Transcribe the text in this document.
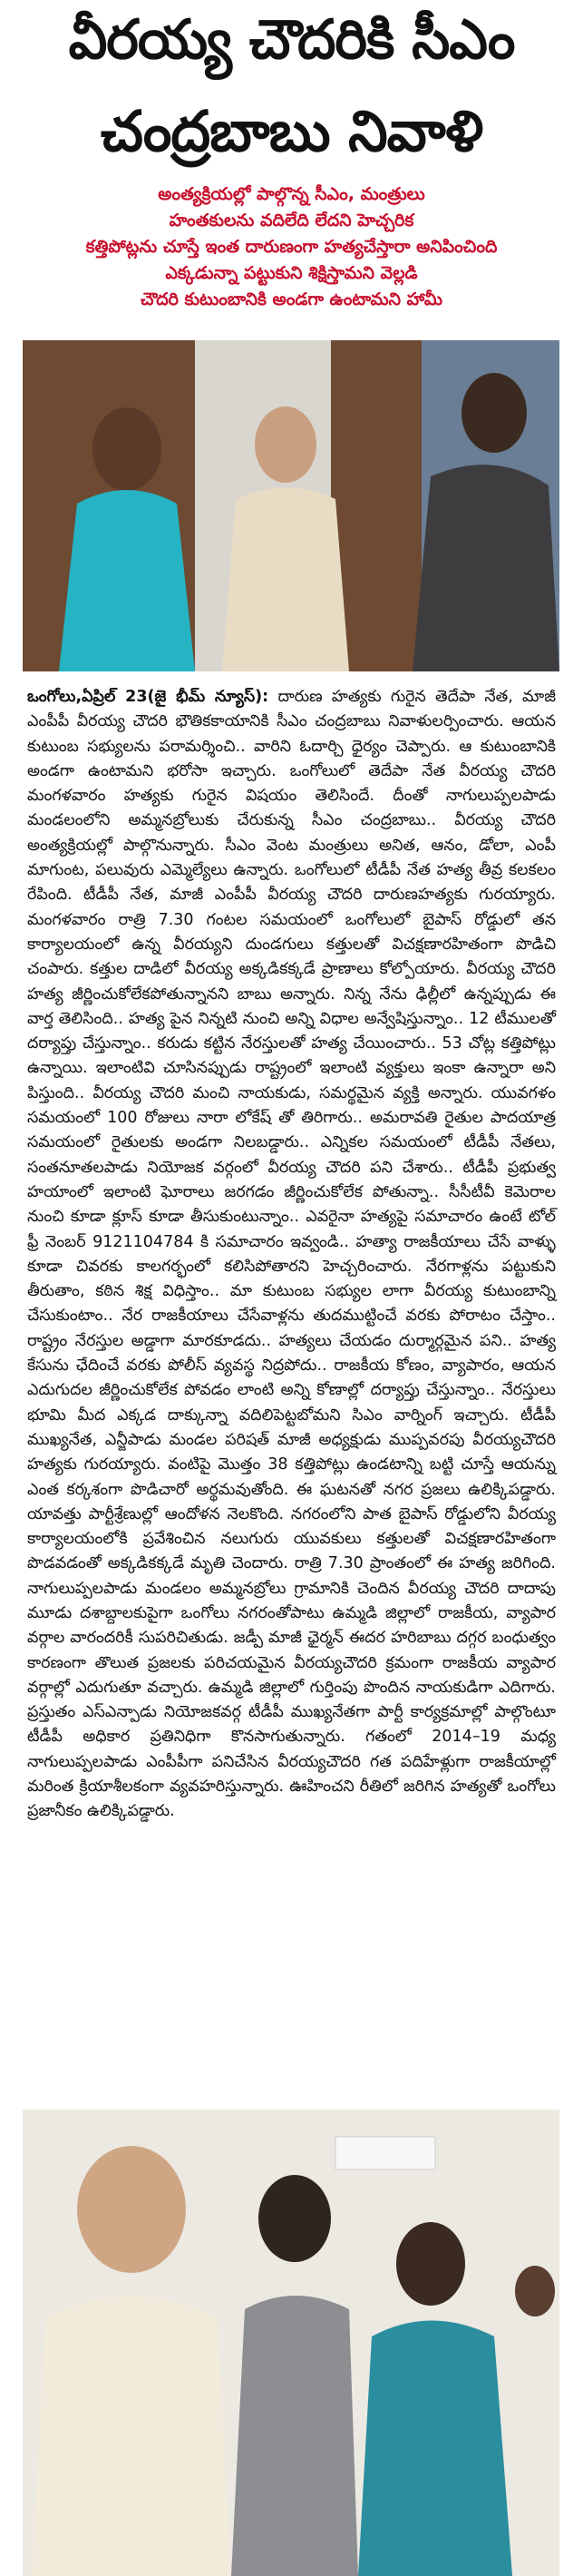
వీరయ్య చౌదరికి సీఎం
చంద్రబాబు నివాళి
అంత్యక్రియల్లో పాల్గొన్న సీఎం, మంత్రులు
హంతకులను వదిలేది లేదని హెచ్చరిక
కత్తిపోట్లను చూస్తే ఇంత దారుణంగా హత్యచేస్తారా అనిపించింది
ఎక్కడున్నా పట్టుకుని శిక్షిస్తామని వెల్లడి
చౌదరి కుటుంబానికి అండగా ఉంటామని హామీ
ఒంగోలు,ఏప్రిల్ 23(జై భీమ్ న్యూస్): దారుణ హత్యకు గురైన తెదేపా నేత, మాజీ ఎంపీపీ వీరయ్య చౌదరి భౌతికకాయానికి సీఎం చంద్రబాబు నివాళులర్పించారు. ఆయన కుటుంబ సభ్యులను పరామర్శించి.. వారిని ఓదార్చి ధైర్యం చెప్పారు. ఆ కుటుంబానికి అండగా ఉంటామని భరోసా ఇచ్చారు. ఒంగోలులో తెదేపా నేత వీరయ్య చౌదరి మంగళవారం హత్యకు గురైన విషయం తెలిసిందే. దీంతో నాగులుప్పలపాడు మండలంలోని అమ్మనబ్రోలుకు చేరుకున్న సీఎం చంద్రబాబు.. వీరయ్య చౌదరి అంత్యక్రియల్లో పాల్గొనున్నారు. సీఎం వెంట మంత్రులు అనిత, ఆనం, డోలా, ఎంపీ మాగుంట, పలువురు ఎమ్మెల్యేలు ఉన్నారు. ఒంగోలులో టీడీపీ నేత హత్య తీవ్ర కలకలం రేపింది. టీడీపీ నేత, మాజీ ఎంపీపీ వీరయ్య చౌదరి దారుణహత్యకు గురయ్యారు. మంగళవారం రాత్రి 7.30 గంటల సమయంలో ఒంగోలులో బైపాస్ రోడ్డులో తన కార్యాలయంలో ఉన్న వీరయ్యని దుండగులు కత్తులతో విచక్షణారహితంగా పొడిచి చంపారు. కత్తుల దాడిలో వీరయ్య అక్కడికక్కడే ప్రాణాలు కోల్పోయారు. వీరయ్య చౌదరి హత్య జీర్ణించుకోలేకపోతున్నానని బాబు అన్నారు. నిన్న నేను ఢిల్లీలో ఉన్నప్పుడు ఈ వార్త తెలిసింది.. హత్య పైన నిన్నటి నుంచి అన్ని విధాల అన్వేషిస్తున్నాం.. 12 టీములతో దర్యాప్తు చేస్తున్నాం.. కరుడు కట్టిన నేరస్తులతో హత్య చేయించారు.. 53 చోట్ల కత్తిపోట్లు ఉన్నాయి. ఇలాంటివి చూసినప్పుడు రాష్ట్రంలో ఇలాంటి వ్యక్తులు ఇంకా ఉన్నారా అని పిస్తుంది.. వీరయ్య చౌదరి మంచి నాయకుడు, సమర్థమైన వ్యక్తి అన్నారు. యువగళం సమయంలో 100 రోజులు నారా లోకేష్ తో తిరిగారు.. అమరావతి రైతుల పాదయాత్ర సమయంలో రైతులకు అండగా నిలబడ్డారు.. ఎన్నికల సమయంలో టీడీపీ నేతలు, సంతనూతలపాడు నియోజక వర్గంలో వీరయ్య చౌదరి పని చేశారు.. టీడీపీ ప్రభుత్వ హయాంలో ఇలాంటి ఘోరాలు జరగడం జీర్ణించుకోలేక పోతున్నా.. సీసీటీవీ కెమెరాల నుంచి కూడా క్లూస్ కూడా తీసుకుంటున్నాం.. ఎవరైనా హత్యపై సమాచారం ఉంటే టోల్ ఫ్రీ నెంబర్ 9121104784 కి సమాచారం ఇవ్వండి.. హత్యా రాజకీయాలు చేసే వాళ్ళు కూడా చివరకు కాలగర్భంలో కలిసిపోతారని హెచ్చరించారు. నేరగాళ్లను పట్టుకుని తీరుతాం, కఠిన శిక్ష విధిస్తాం.. మా కుటుంబ సభ్యుల లాగా వీరయ్య కుటుంబాన్ని చేసుకుంటాం.. నేర రాజకీయాలు చేసేవాళ్లను తుదముట్టించే వరకు పోరాటం చేస్తాం.. రాష్ట్రం నేరస్తుల అడ్డాగా మారకూడదు.. హత్యలు చేయడం దుర్మార్గమైన పని.. హత్య కేసును ఛేదించే వరకు పోలీస్ వ్యవస్థ నిద్రపోదు.. రాజకీయ కోణం, వ్యాపారం, ఆయన ఎదుగుదల జీర్ణించుకోలేక పోవడం లాంటి అన్ని కోణాల్లో దర్యాప్తు చేస్తున్నాం.. నేరస్తులు భూమి మీద ఎక్కడ దాక్కున్నా వదిలిపెట్టబోమని సిఎం వార్నింగ్ ఇచ్చారు. టీడీపీ ముఖ్యనేత, ఎన్జీపాడు మండల పరిషత్ మాజీ అధ్యక్షుడు ముప్పవరపు వీరయ్యచౌదరి హత్యకు గురయ్యారు. వంటిపై మొత్తం 38 కత్తిపోట్లు ఉండటాన్ని బట్టి చూస్తే ఆయన్ను ఎంత కర్కశంగా పొడిచారో అర్థమవుతోంది. ఈ ఘటనతో నగర ప్రజలు ఉలిక్కిపడ్డారు. యావత్తు పార్టీశ్రేణుల్లో ఆందోళన నెలకొంది. నగరంలోని పాత బైపాస్ రోడ్డులోని వీరయ్య కార్యాలయంలోకి ప్రవేశించిన నలుగురు యువకులు కత్తులతో విచక్షణారహితంగా పొడవడంతో అక్కడికక్కడే మృతి చెందారు. రాత్రి 7.30 ప్రాంతంలో ఈ హత్య జరిగింది. నాగులుప్పలపాడు మండలం అమ్మనబ్రోలు గ్రామానికి చెందిన వీరయ్య చౌదరి దాదాపు మూడు దశాబ్దాలకుపైగా ఒంగోలు నగరంతోపాటు ఉమ్మడి జిల్లాలో రాజకీయ, వ్యాపార వర్గాల వారందరికీ సుపరిచితుడు. జడ్పీ మాజీ ఛైర్మన్ ఈదర హరిబాబు దగ్గర బంధుత్వం కారణంగా తొలుత ప్రజలకు పరిచయమైన వీరయ్యచౌదరి క్రమంగా రాజకీయ వ్యాపార వర్గాల్లో ఎదుగుతూ వచ్చారు. ఉమ్మడి జిల్లాలో గుర్తింపు పొందిన నాయకుడిగా ఎదిగారు. ప్రస్తుతం ఎస్ఎన్పాడు నియోజకవర్గ టీడీపీ ముఖ్యనేతగా పార్టీ కార్యక్రమాల్లో పాల్గొంటూ టీడీపీ అధికార ప్రతినిధిగా కొనసాగుతున్నారు. గతంలో 2014–19 మధ్య నాగులుప్పలపాడు ఎంపీపీగా పనిచేసిన వీరయ్యచౌదరి గత పదిహేళ్లుగా రాజకీయాల్లో మరింత క్రియాశీలకంగా వ్యవహరిస్తున్నారు. ఊహించని రీతిలో జరిగిన హత్యతో ఒంగోలు ప్రజానీకం ఉలిక్కిపడ్డారు.
